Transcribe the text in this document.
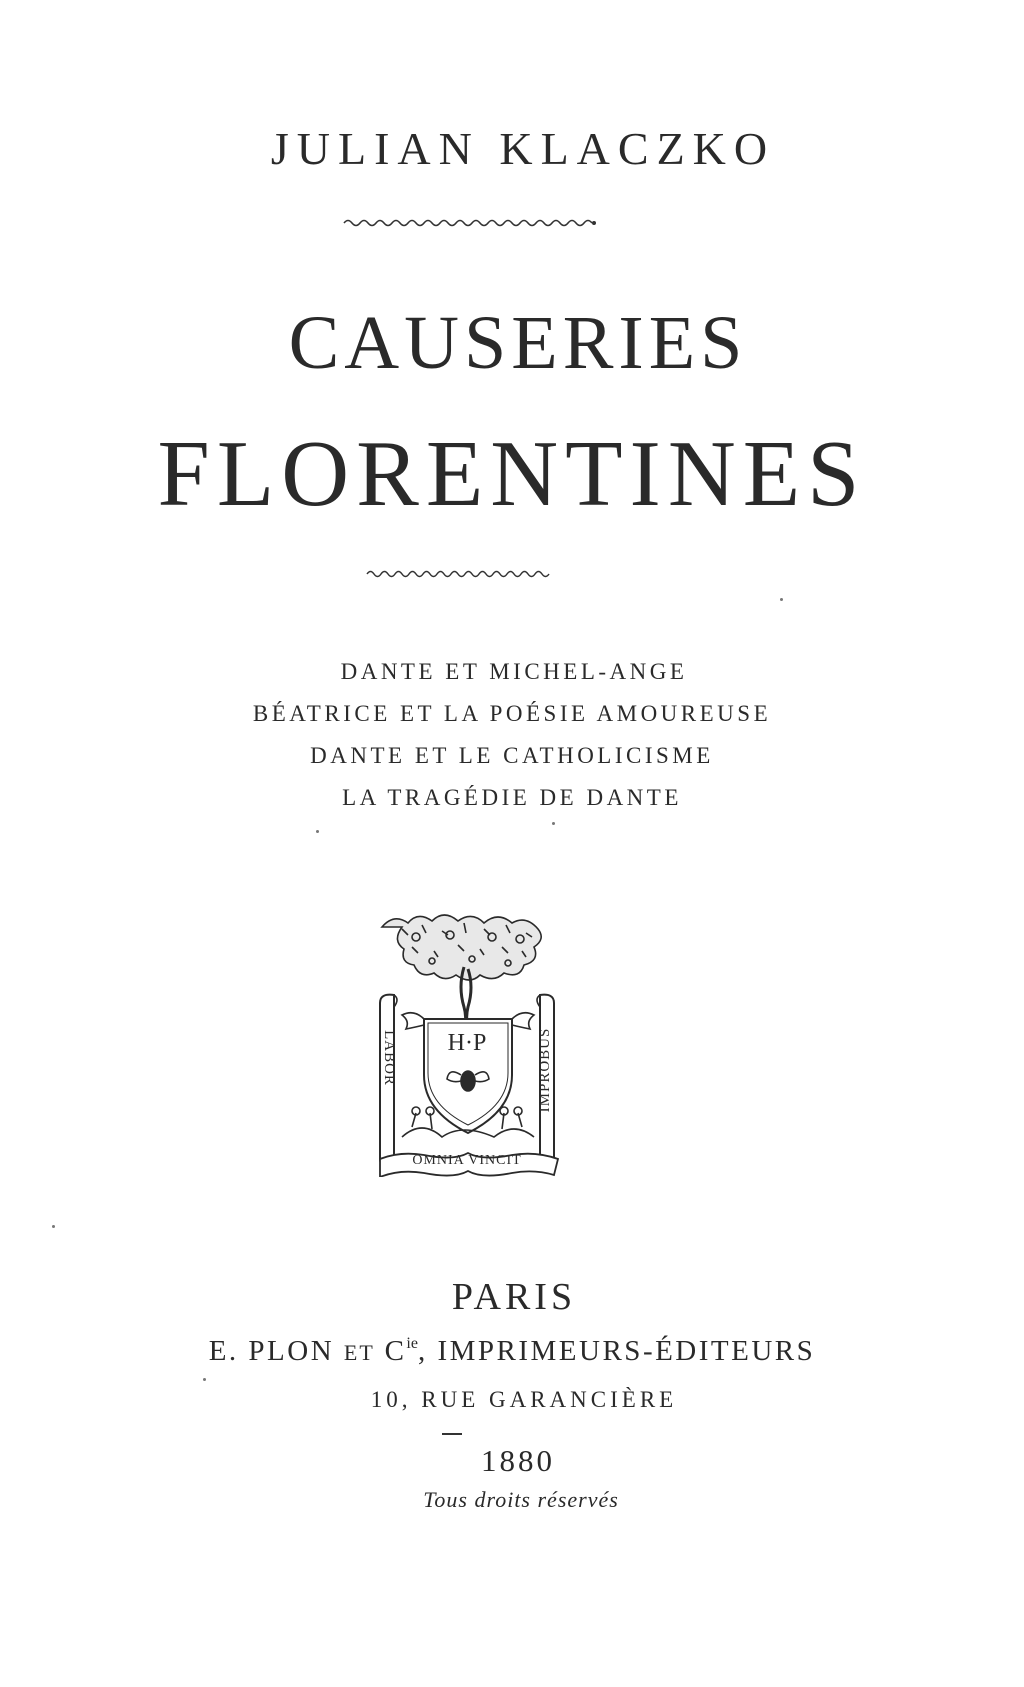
JULIAN KLACZKO
CAUSERIES
FLORENTINES
DANTE ET MICHEL-ANGE
BÉATRICE ET LA POÉSIE AMOUREUSE
DANTE ET LE CATHOLICISME
LA TRAGÉDIE DE DANTE
LABOR	IMPROBUS
H·P
OMNIA VINCIT
PARIS
E. PLON ET $C^{ie}$, IMPRIMEURS-ÉDITEURS
10, RUE GARANCIÈRE
1880
Tous droits réservés
